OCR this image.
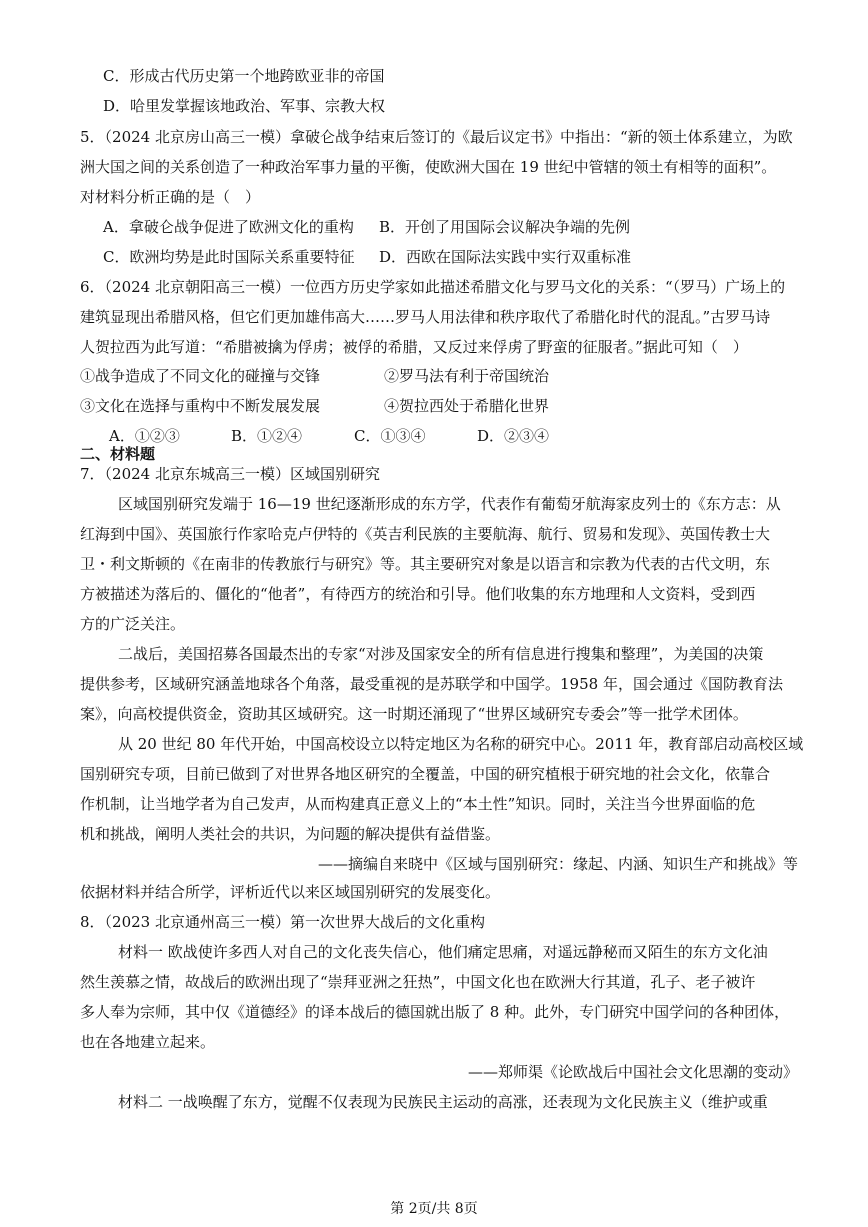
C．形成古代历史第一个地跨欧亚非的帝国
D．哈里发掌握该地政治、军事、宗教大权
5．（2024 北京房山高三一模）拿破仑战争结束后签订的《最后议定书》中指出：“新的领土体系建立，为欧
洲大国之间的关系创造了一种政治军事力量的平衡，使欧洲大国在 19 世纪中管辖的领土有相等的面积”。
对材料分析正确的是（　）
A．拿破仑战争促进了欧洲文化的重构 B．开创了用国际会议解决争端的先例
C．欧洲均势是此时国际关系重要特征 D．西欧在国际法实践中实行双重标准
6．（2024 北京朝阳高三一模）一位西方历史学家如此描述希腊文化与罗马文化的关系：“（罗马）广场上的
建筑显现出希腊风格，但它们更加雄伟高大……罗马人用法律和秩序取代了希腊化时代的混乱。”古罗马诗
人贺拉西为此写道：“希腊被擒为俘虏；被俘的希腊，又反过来俘虏了野蛮的征服者。”据此可知（　）
①战争造成了不同文化的碰撞与交锋	②罗马法有利于帝国统治
③文化在选择与重构中不断发展发展	④贺拉西处于希腊化世界
A．①②③	B．①②④	C．①③④	D．②③④
二、材料题
7．（2024 北京东城高三一模）区域国别研究
区域国别研究发端于 16—19 世纪逐渐形成的东方学，代表作有葡萄牙航海家皮列士的《东方志：从
红海到中国》、英国旅行作家哈克卢伊特的《英吉利民族的主要航海、航行、贸易和发现》、英国传教士大
卫・利文斯顿的《在南非的传教旅行与研究》等。其主要研究对象是以语言和宗教为代表的古代文明，东
方被描述为落后的、僵化的“他者”，有待西方的统治和引导。他们收集的东方地理和人文资料，受到西
方的广泛关注。
二战后，美国招募各国最杰出的专家“对涉及国家安全的所有信息进行搜集和整理”，为美国的决策
提供参考，区域研究涵盖地球各个角落，最受重视的是苏联学和中国学。1958 年，国会通过《国防教育法
案》，向高校提供资金，资助其区域研究。这一时期还涌现了“世界区域研究专委会”等一批学术团体。
从 20 世纪 80 年代开始，中国高校设立以特定地区为名称的研究中心。2011 年，教育部启动高校区域
国别研究专项，目前已做到了对世界各地区研究的全覆盖，中国的研究植根于研究地的社会文化，依靠合
作机制，让当地学者为自己发声，从而构建真正意义上的“本土性”知识。同时，关注当今世界面临的危
机和挑战，阐明人类社会的共识，为问题的解决提供有益借鉴。
——摘编自来晓中《区域与国别研究：缘起、内涵、知识生产和挑战》等
依据材料并结合所学，评析近代以来区域国别研究的发展变化。
8．（2023 北京通州高三一模）第一次世界大战后的文化重构
材料一 欧战使许多西人对自己的文化丧失信心，他们痛定思痛，对遥远静秘而又陌生的东方文化油
然生羡慕之情，故战后的欧洲出现了“崇拜亚洲之狂热”，中国文化也在欧洲大行其道，孔子、老子被许
多人奉为宗师，其中仅《道德经》的译本战后的德国就出版了 8 种。此外，专门研究中国学问的各种团体，
也在各地建立起来。
——郑师渠《论欧战后中国社会文化思潮的变动》
材料二 一战唤醒了东方，觉醒不仅表现为民族民主运动的高涨，还表现为文化民族主义（维护或重
第 2页/共 8页
